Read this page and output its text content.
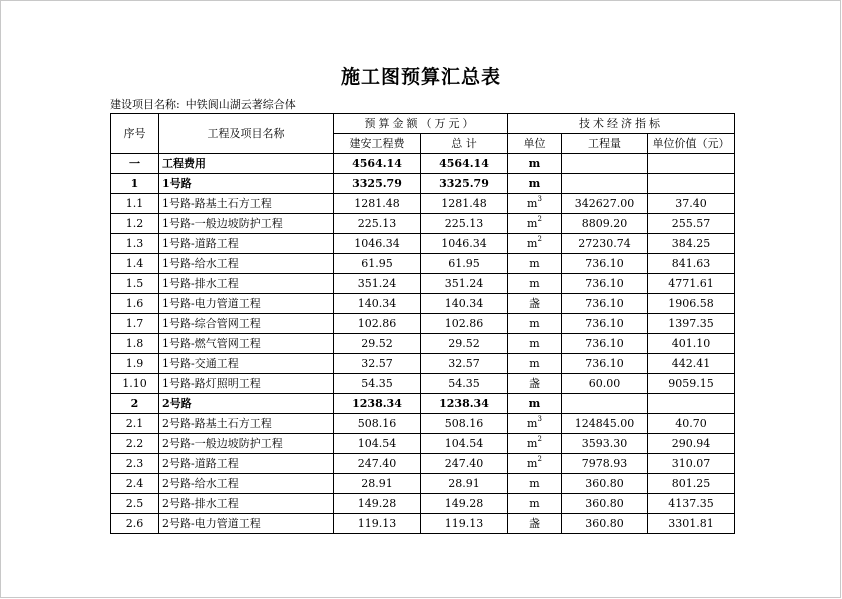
施工图预算汇总表
建设项目名称: 中铁阆山湖云著综合体
序号	工程及项目名称	预算金额（万元）		技术经济指标		
		建安工程费	总 计	单位	工程量	单位价值（元）
一	工程费用	4564.14	4564.14	m		
1	1号路	3325.79	3325.79	m		
1.1	1号路-路基土石方工程	1281.48	1281.48	$m^3$	342627.00	37.40
1.2	1号路-一般边坡防护工程	225.13	225.13	$m^2$	8809.20	255.57
1.3	1号路-道路工程	1046.34	1046.34	$m^2$	27230.74	384.25
1.4	1号路-给水工程	61.95	61.95	m	736.10	841.63
1.5	1号路-排水工程	351.24	351.24	m	736.10	4771.61
1.6	1号路-电力管道工程	140.34	140.34	盏	736.10	1906.58
1.7	1号路-综合管网工程	102.86	102.86	m	736.10	1397.35
1.8	1号路-燃气管网工程	29.52	29.52	m	736.10	401.10
1.9	1号路-交通工程	32.57	32.57	m	736.10	442.41
1.10	1号路-路灯照明工程	54.35	54.35	盏	60.00	9059.15
2	2号路	1238.34	1238.34	m		
2.1	2号路-路基土石方工程	508.16	508.16	$m^3$	124845.00	40.70
2.2	2号路-一般边坡防护工程	104.54	104.54	$m^2$	3593.30	290.94
2.3	2号路-道路工程	247.40	247.40	$m^2$	7978.93	310.07
2.4	2号路-给水工程	28.91	28.91	m	360.80	801.25
2.5	2号路-排水工程	149.28	149.28	m	360.80	4137.35
2.6	2号路-电力管道工程	119.13	119.13	盏	360.80	3301.81
